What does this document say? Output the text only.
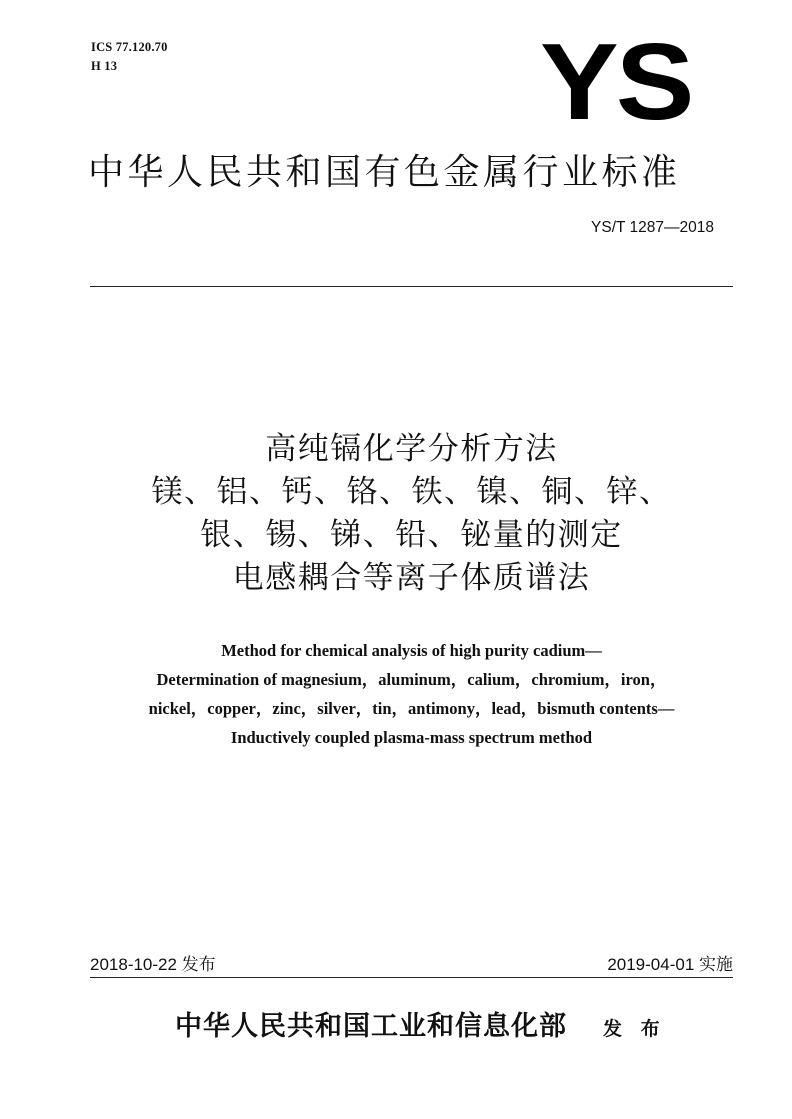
ICS 77.120.70
H 13	YS
中华人民共和国有色金属行业标准
YS/T 1287—2018
高纯镉化学分析方法
镁、铝、钙、铬、铁、镍、铜、锌、
银、锡、锑、铅、铋量的测定
电感耦合等离子体质谱法
Method for chemical analysis of high purity cadium—
Determination of magnesium，aluminum，calium，chromium，iron，
nickel，copper，zinc，silver，tin，antimony，lead，bismuth contents—
Inductively coupled plasma-mass spectrum method
2018-10-22 发布	2019-04-01 实施
中华人民共和国工业和信息化部 发 布
